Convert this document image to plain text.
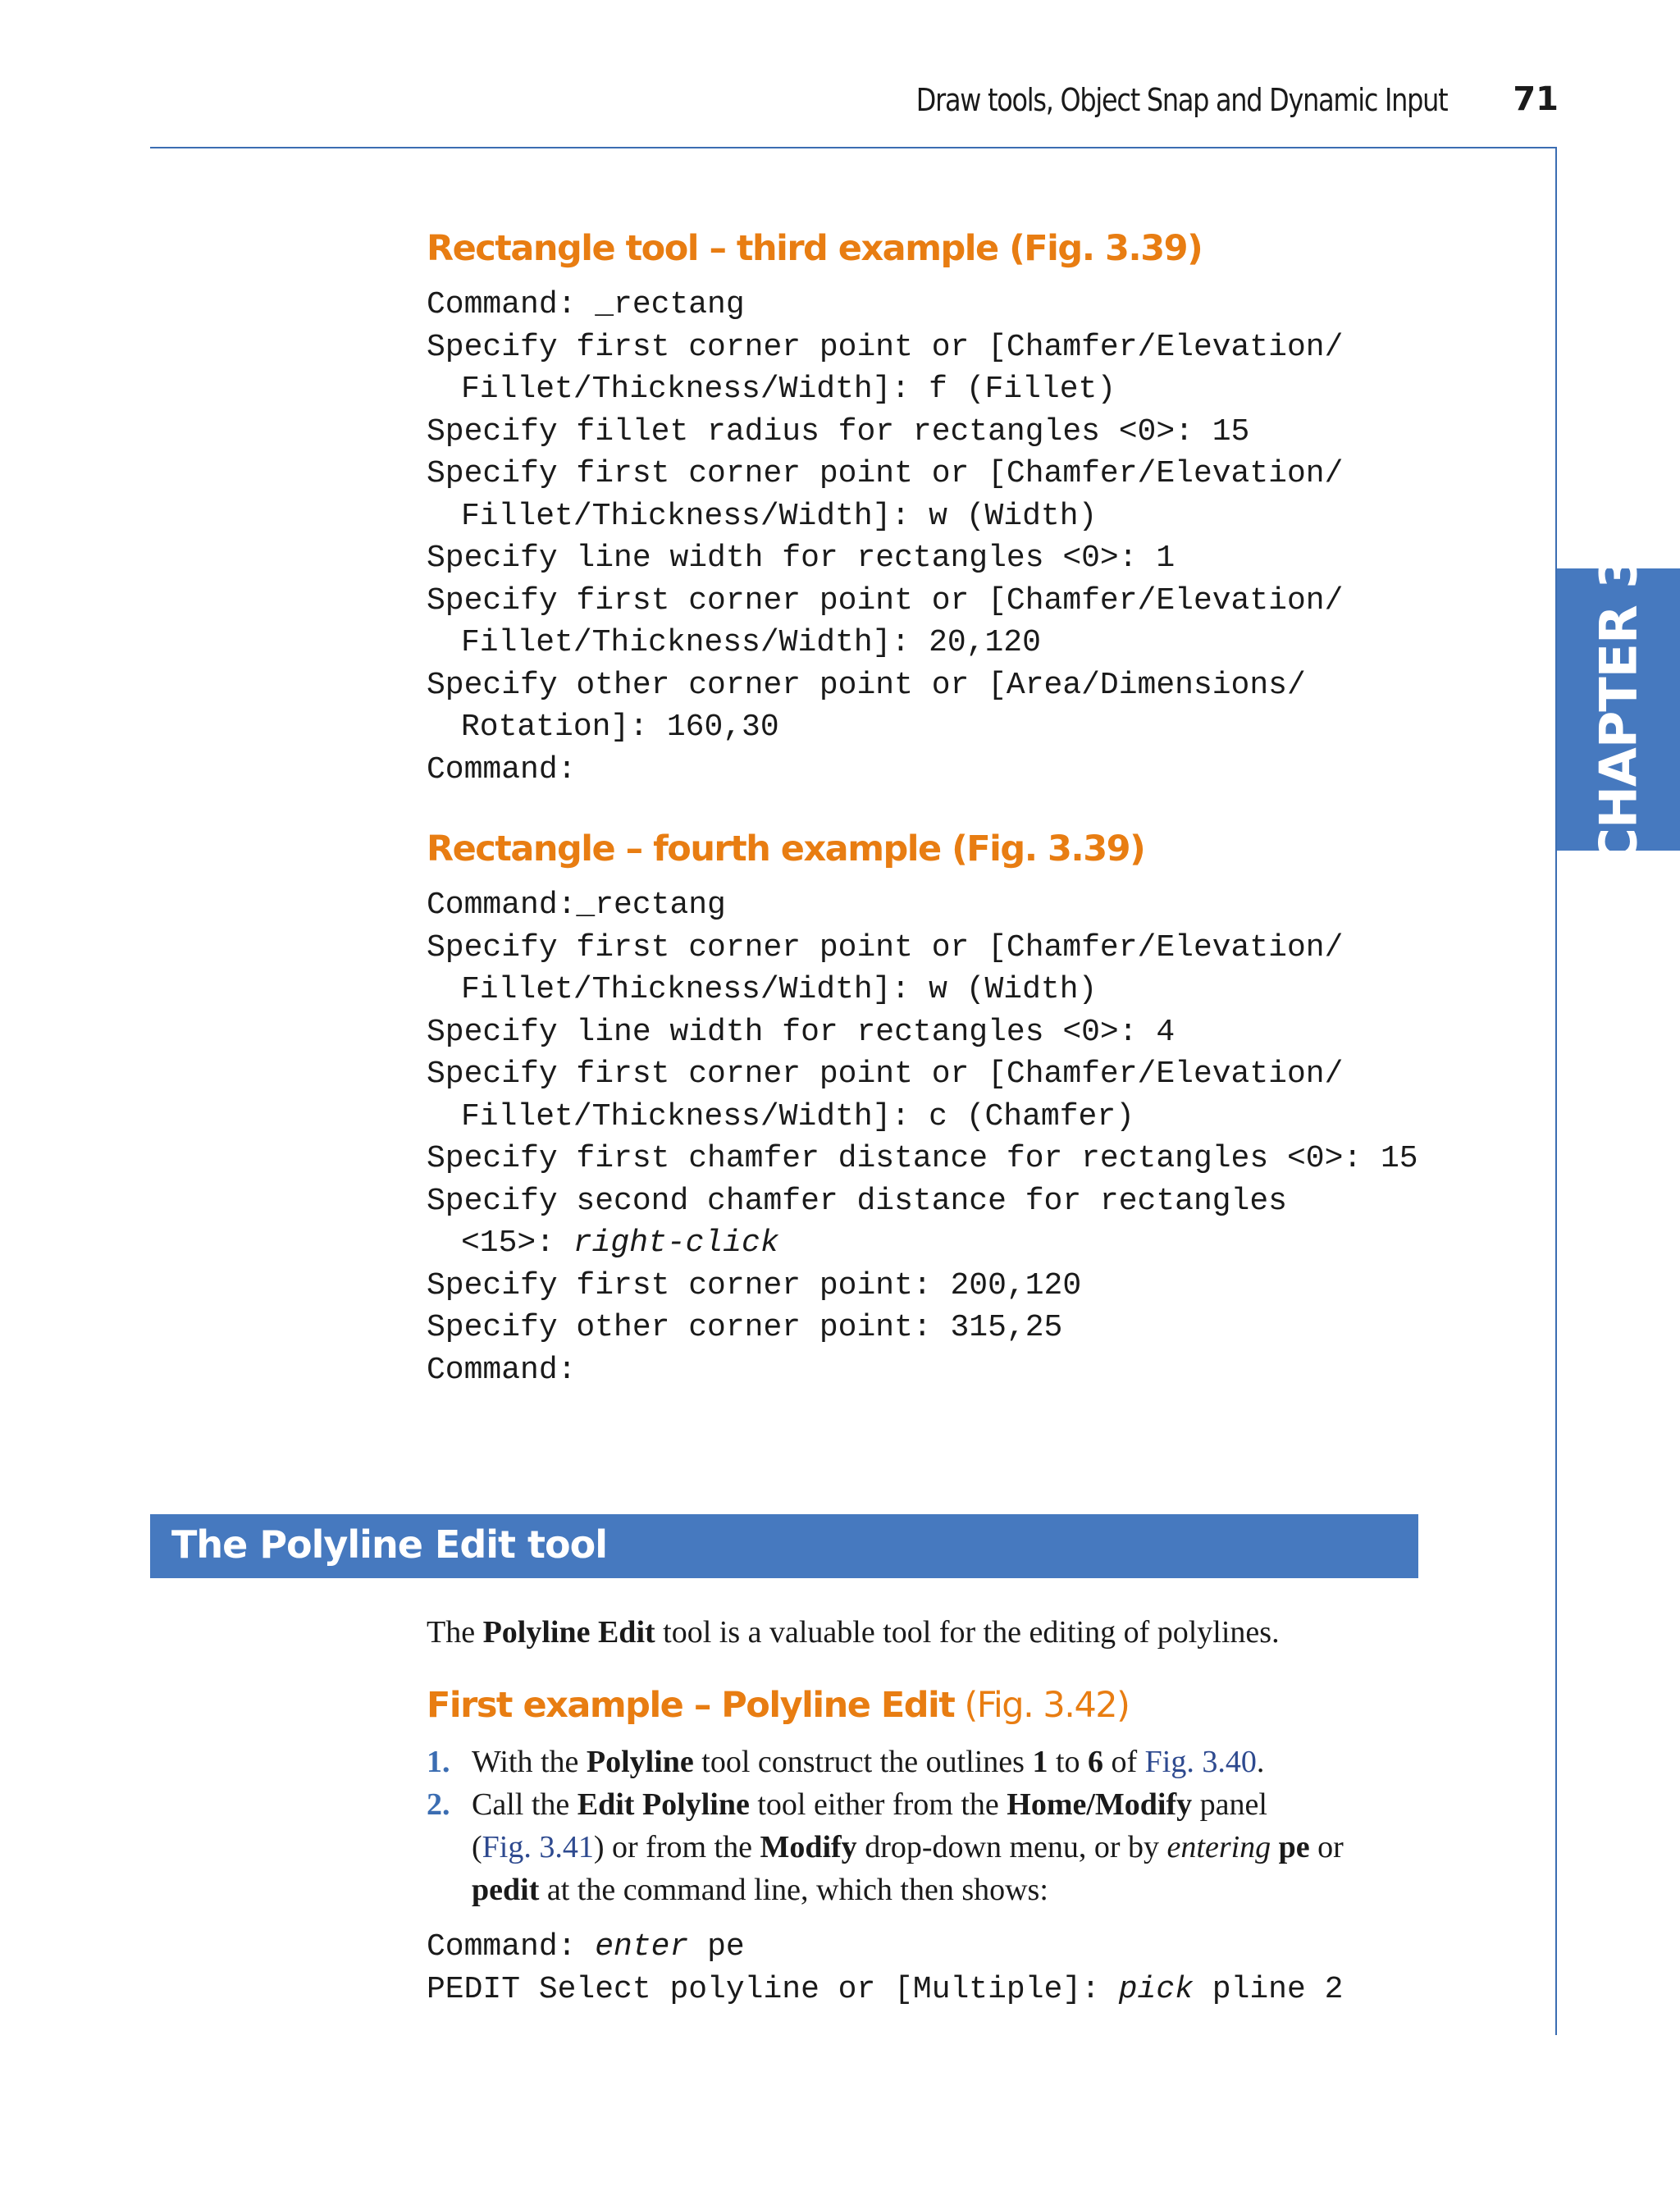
Draw tools, Object Snap and Dynamic Input	71
CHAPTER 3
Rectangle tool – third example (Fig. 3.39)
Command: _rectang
Specify first corner point or [Chamfer/Elevation/
Fillet/Thickness/Width]: f (Fillet)
Specify fillet radius for rectangles <0>: 15
Specify first corner point or [Chamfer/Elevation/
Fillet/Thickness/Width]: w (Width)
Specify line width for rectangles <0>: 1
Specify first corner point or [Chamfer/Elevation/
Fillet/Thickness/Width]: 20,120
Specify other corner point or [Area/Dimensions/
Rotation]: 160,30
Command:
Rectangle – fourth example (Fig. 3.39)
Command:_rectang
Specify first corner point or [Chamfer/Elevation/
Fillet/Thickness/Width]: w (Width)
Specify line width for rectangles <0>: 4
Specify first corner point or [Chamfer/Elevation/
Fillet/Thickness/Width]: c (Chamfer)
Specify first chamfer distance for rectangles <0>: 15
Specify second chamfer distance for rectangles
<15>: right-click
Specify first corner point: 200,120
Specify other corner point: 315,25
Command:
The Polyline Edit tool

The Polyline Edit tool is a valuable tool for the editing of polylines.

First example – Polyline Edit (Fig. 3.42)
1. With the Polyline tool construct the outlines 1 to 6 of Fig. 3.40.
2. Call the Edit Polyline tool either from the Home/Modify panel
(Fig. 3.41) or from the Modify drop-down menu, or by entering pe or
pedit at the command line, which then shows:
Command: enter pe
PEDIT Select polyline or [Multiple]: pick pline 2
